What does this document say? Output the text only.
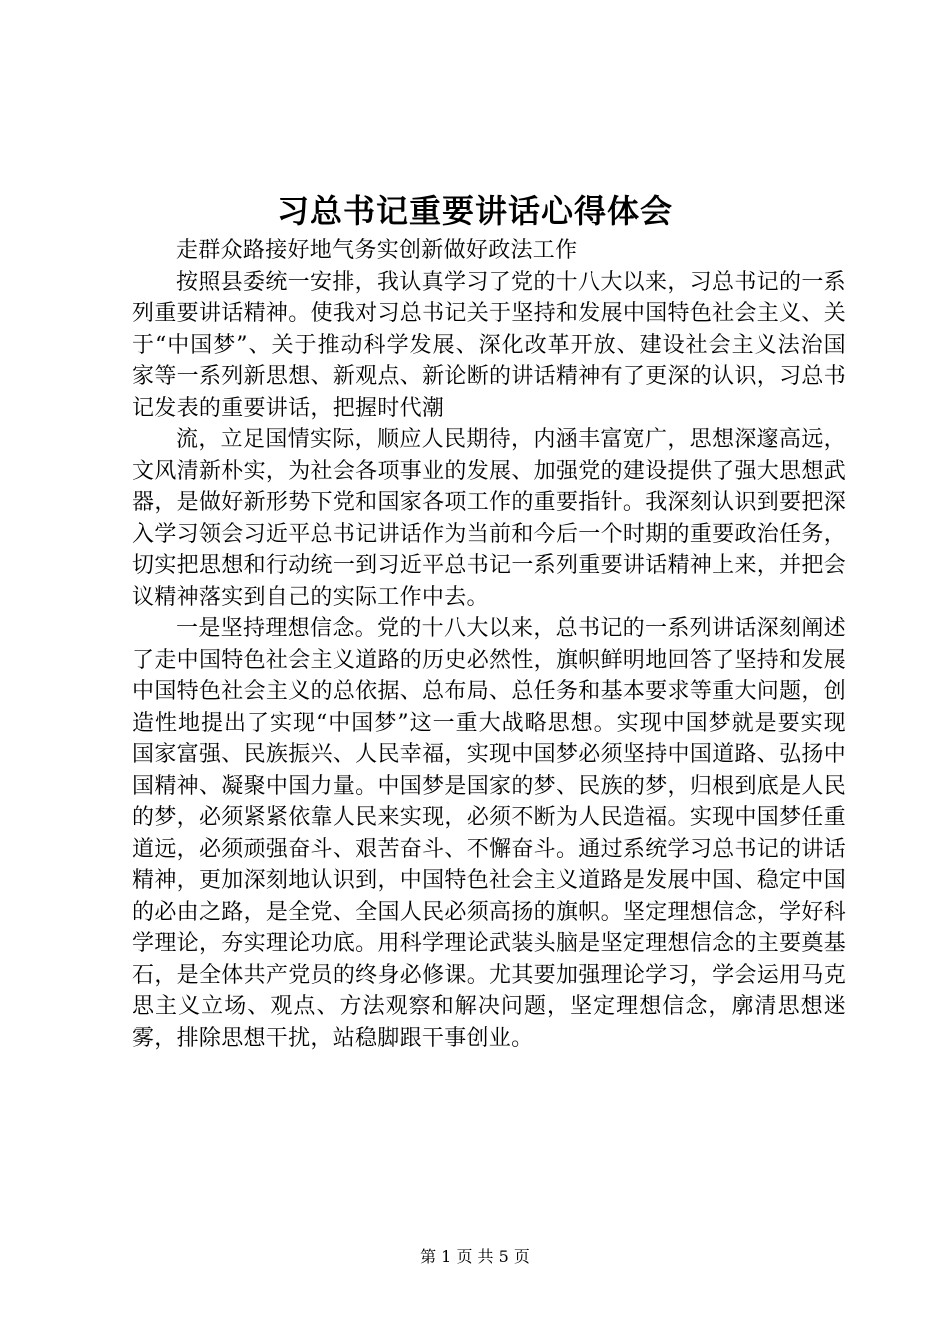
习总书记重要讲话心得体会

走群众路接好地气务实创新做好政法工作

按照县委统一安排，我认真学习了党的十八大以来，习总书记的一系列重要讲话精神。使我对习总书记关于坚持和发展中国特色社会主义、关于“中国梦”、关于推动科学发展、深化改革开放、建设社会主义法治国家等一系列新思想、新观点、新论断的讲话精神有了更深的认识，习总书记发表的重要讲话，把握时代潮

流，立足国情实际，顺应人民期待，内涵丰富宽广，思想深邃高远，文风清新朴实，为社会各项事业的发展、加强党的建设提供了强大思想武器，是做好新形势下党和国家各项工作的重要指针。我深刻认识到要把深入学习领会习近平总书记讲话作为当前和今后一个时期的重要政治任务，切实把思想和行动统一到习近平总书记一系列重要讲话精神上来，并把会议精神落实到自己的实际工作中去。

一是坚持理想信念。党的十八大以来，总书记的一系列讲话深刻阐述了走中国特色社会主义道路的历史必然性，旗帜鲜明地回答了坚持和发展中国特色社会主义的总依据、总布局、总任务和基本要求等重大问题，创造性地提出了实现“中国梦”这一重大战略思想。实现中国梦就是要实现国家富强、民族振兴、人民幸福，实现中国梦必须坚持中国道路、弘扬中国精神、凝聚中国力量。中国梦是国家的梦、民族的梦，归根到底是人民的梦，必须紧紧依靠人民来实现，必须不断为人民造福。实现中国梦任重道远，必须顽强奋斗、艰苦奋斗、不懈奋斗。通过系统学习总书记的讲话精神，更加深刻地认识到，中国特色社会主义道路是发展中国、稳定中国的必由之路，是全党、全国人民必须高扬的旗帜。坚定理想信念，学好科学理论，夯实理论功底。用科学理论武装头脑是坚定理想信念的主要奠基石，是全体共产党员的终身必修课。尤其要加强理论学习，学会运用马克思主义立场、观点、方法观察和解决问题，坚定理想信念，廓清思想迷雾，排除思想干扰，站稳脚跟干事创业。

第 1 页 共 5 页
